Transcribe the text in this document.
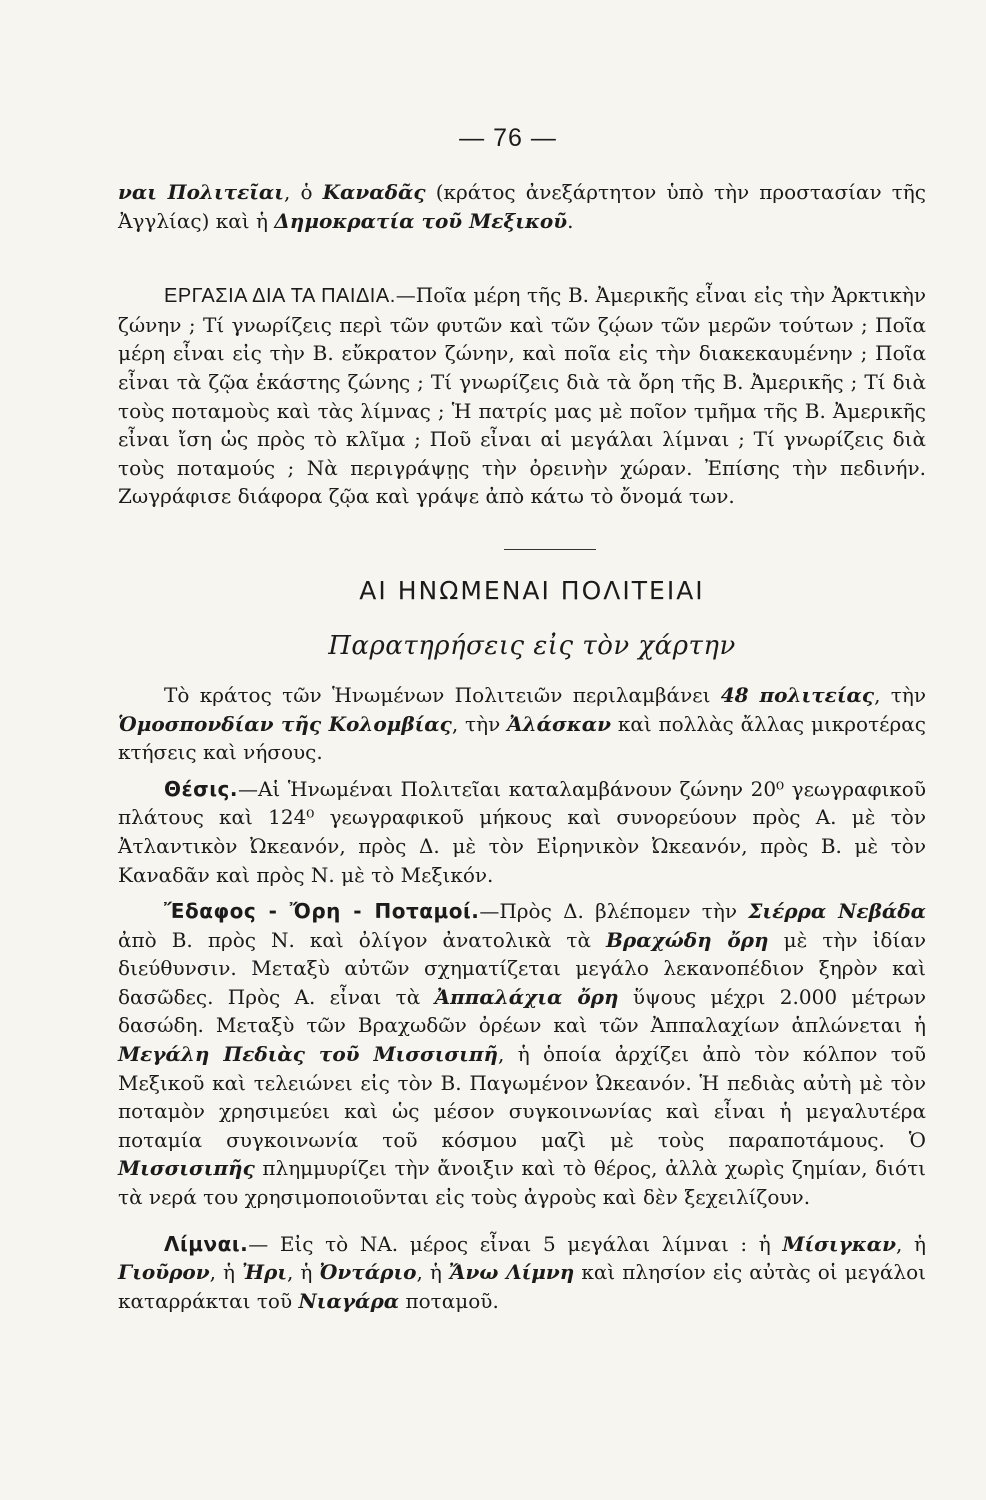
— 76 —

ναι Πολιτεῖαι, ὁ Καναδᾶς (κράτος ἀνεξάρτητον ὑπὸ τὴν προστασίαν τῆς Ἀγγλίας) καὶ ἡ Δημοκρατία τοῦ Μεξικοῦ.

ΕΡΓΑΣΙΑ ΔΙΑ ΤΑ ΠΑΙΔΙΑ.—Ποῖα μέρη τῆς Β. Ἀμερικῆς εἶναι εἰς τὴν Ἀρκτικὴν ζώνην ; Τί γνωρίζεις περὶ τῶν φυτῶν καὶ τῶν ζῴων τῶν μερῶν τούτων ; Ποῖα μέρη εἶναι εἰς τὴν Β. εὔκρατον ζώνην, καὶ ποῖα εἰς τὴν διακεκαυμένην ; Ποῖα εἶναι τὰ ζῷα ἑκάστης ζώνης ; Τί γνωρίζεις διὰ τὰ ὄρη τῆς Β. Ἀμερικῆς ; Τί διὰ τοὺς ποταμοὺς καὶ τὰς λίμνας ; Ἡ πατρίς μας μὲ ποῖον τμῆμα τῆς Β. Ἀμερικῆς εἶναι ἴση ὡς πρὸς τὸ κλῖμα ; Ποῦ εἶναι αἱ μεγάλαι λίμναι ; Τί γνωρίζεις διὰ τοὺς ποταμούς ; Νὰ περιγράψῃς τὴν ὀρεινὴν χώραν. Ἐπίσης τὴν πεδινήν. Ζωγράφισε διάφορα ζῷα καὶ γράψε ἀπὸ κάτω τὸ ὄνομά των.

ΑΙ ΗΝΩΜΕΝΑΙ ΠΟΛΙΤΕΙΑΙ
Παρατηρήσεις εἰς τὸν χάρτην

Τὸ κράτος τῶν Ἡνωμένων Πολιτειῶν περιλαμβάνει 48 πολιτείας, τὴν Ὁμοσπονδίαν τῆς Κολομβίας, τὴν Ἀλάσκαν καὶ πολλὰς ἄλλας μικροτέρας κτήσεις καὶ νήσους.

Θέσις.—Αἱ Ἡνωμέναι Πολιτεῖαι καταλαμβάνουν ζώνην 20⁰ γεωγραφικοῦ πλάτους καὶ 124⁰ γεωγραφικοῦ μήκους καὶ συνορεύουν πρὸς Α. μὲ τὸν Ἀτλαντικὸν Ὠκεανόν, πρὸς Δ. μὲ τὸν Εἰρηνικὸν Ὠκεανόν, πρὸς Β. μὲ τὸν Καναδᾶν καὶ πρὸς Ν. μὲ τὸ Μεξικόν.

Ἔδαφος - Ὄρη - Ποταμοί.—Πρὸς Δ. βλέπομεν τὴν Σιέρρα Νεβάδα ἀπὸ Β. πρὸς Ν. καὶ ὀλίγον ἀνατολικὰ τὰ Βραχώδη ὄρη μὲ τὴν ἰδίαν διεύθυνσιν. Μεταξὺ αὐτῶν σχηματίζεται μεγάλο λεκανοπέδιον ξηρὸν καὶ δασῶδες. Πρὸς Α. εἶναι τὰ Ἀππαλάχια ὄρη ὕψους μέχρι 2.000 μέτρων δασώδη. Μεταξὺ τῶν Βραχωδῶν ὀρέων καὶ τῶν Ἀππαλαχίων ἁπλώνεται ἡ Μεγάλη Πεδιὰς τοῦ Μισσισιπῆ, ἡ ὁποία ἀρχίζει ἀπὸ τὸν κόλπον τοῦ Μεξικοῦ καὶ τελειώνει εἰς τὸν Β. Παγωμένον Ὠκεανόν. Ἡ πεδιὰς αὐτὴ μὲ τὸν ποταμὸν χρησιμεύει καὶ ὡς μέσον συγκοινωνίας καὶ εἶναι ἡ μεγαλυτέρα ποταμία συγκοινωνία τοῦ κόσμου μαζὶ μὲ τοὺς παραποτάμους. Ὁ Μισσισιπῆς πλημμυρίζει τὴν ἄνοιξιν καὶ τὸ θέρος, ἀλλὰ χωρὶς ζημίαν, διότι τὰ νερά του χρησιμοποιοῦνται εἰς τοὺς ἀγροὺς καὶ δὲν ξεχειλίζουν.

Λίμναι.— Εἰς τὸ ΝΑ. μέρος εἶναι 5 μεγάλαι λίμναι : ἡ Μίσιγκαν, ἡ Γιοῦρον, ἡ Ἠρι, ἡ Ὀντάριο, ἡ Ἄνω Λίμνη καὶ πλησίον εἰς αὐτὰς οἱ μεγάλοι καταρράκται τοῦ Νιαγάρα ποταμοῦ.
